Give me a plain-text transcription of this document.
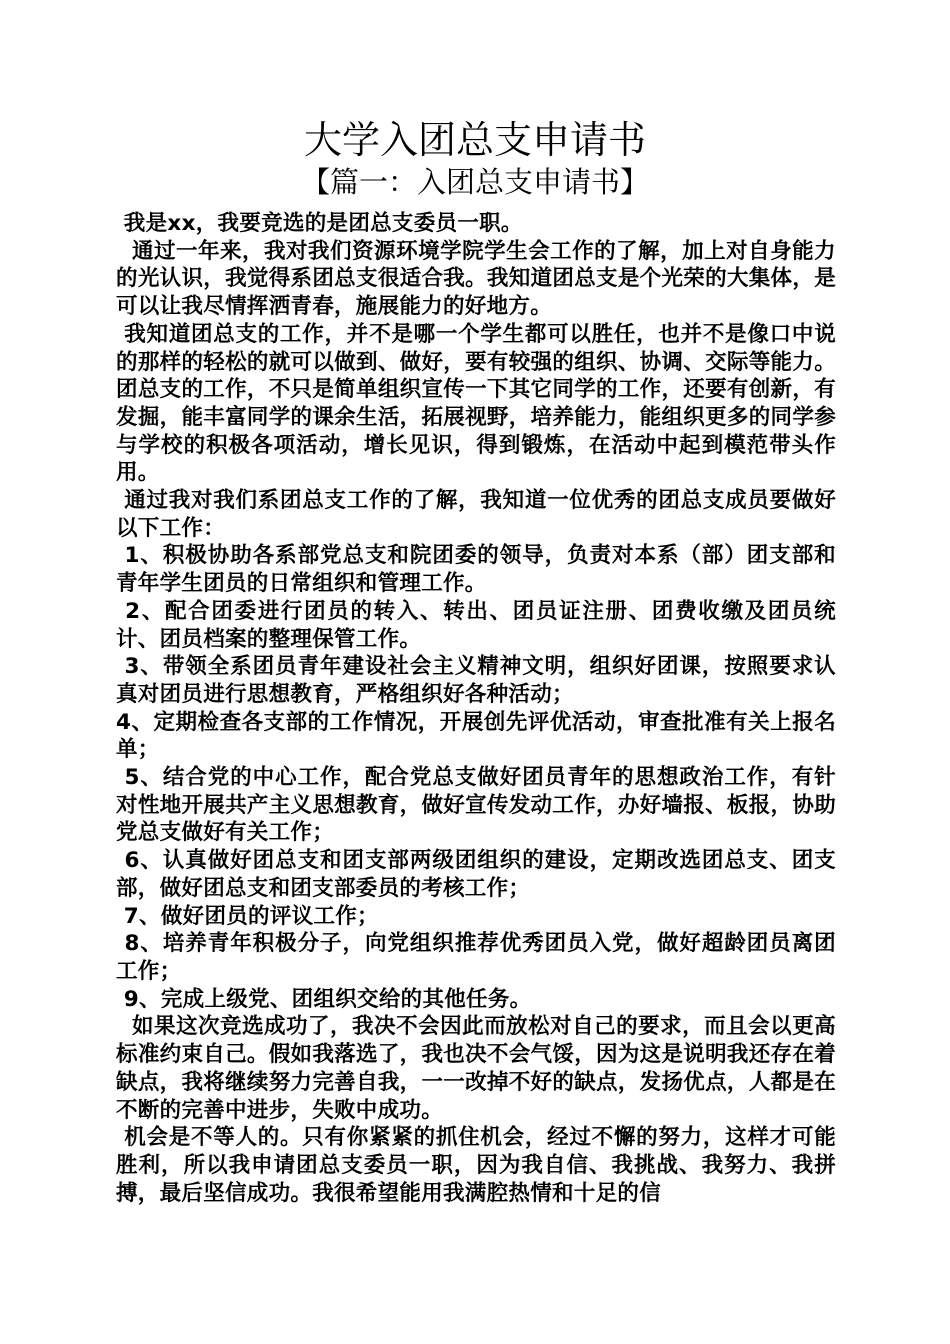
大学入团总支申请书
【篇一：入团总支申请书】

我是xx，我要竞选的是团总支委员一职。

通过一年来，我对我们资源环境学院学生会工作的了解，加上对自身能力的光认识，我觉得系团总支很适合我。我知道团总支是个光荣的大集体，是可以让我尽情挥洒青春，施展能力的好地方。

我知道团总支的工作，并不是哪一个学生都可以胜任，也并不是像口中说的那样的轻松的就可以做到、做好，要有较强的组织、协调、交际等能力。团总支的工作，不只是简单组织宣传一下其它同学的工作，还要有创新，有发掘，能丰富同学的课余生活，拓展视野，培养能力，能组织更多的同学参与学校的积极各项活动，增长见识，得到锻炼，在活动中起到模范带头作用。

通过我对我们系团总支工作的了解，我知道一位优秀的团总支成员要做好以下工作：

1、积极协助各系部党总支和院团委的领导，负责对本系（部）团支部和青年学生团员的日常组织和管理工作。

2、配合团委进行团员的转入、转出、团员证注册、团费收缴及团员统计、团员档案的整理保管工作。

3、带领全系团员青年建设社会主义精神文明，组织好团课，按照要求认真对团员进行思想教育，严格组织好各种活动；

4、定期检查各支部的工作情况，开展创先评优活动，审查批准有关上报名单；

5、结合党的中心工作，配合党总支做好团员青年的思想政治工作，有针对性地开展共产主义思想教育，做好宣传发动工作，办好墙报、板报，协助党总支做好有关工作；

6、认真做好团总支和团支部两级团组织的建设，定期改选团总支、团支部，做好团总支和团支部委员的考核工作；

7、做好团员的评议工作；

8、培养青年积极分子，向党组织推荐优秀团员入党，做好超龄团员离团工作；

9、完成上级党、团组织交给的其他任务。

如果这次竞选成功了，我决不会因此而放松对自己的要求，而且会以更高标准约束自己。假如我落选了，我也决不会气馁，因为这是说明我还存在着缺点，我将继续努力完善自我，一一改掉不好的缺点，发扬优点，人都是在不断的完善中进步，失败中成功。

机会是不等人的。只有你紧紧的抓住机会，经过不懈的努力，这样才可能胜利，所以我申请团总支委员一职，因为我自信、我挑战、我努力、我拼搏，最后坚信成功。我很希望能用我满腔热情和十足的信
